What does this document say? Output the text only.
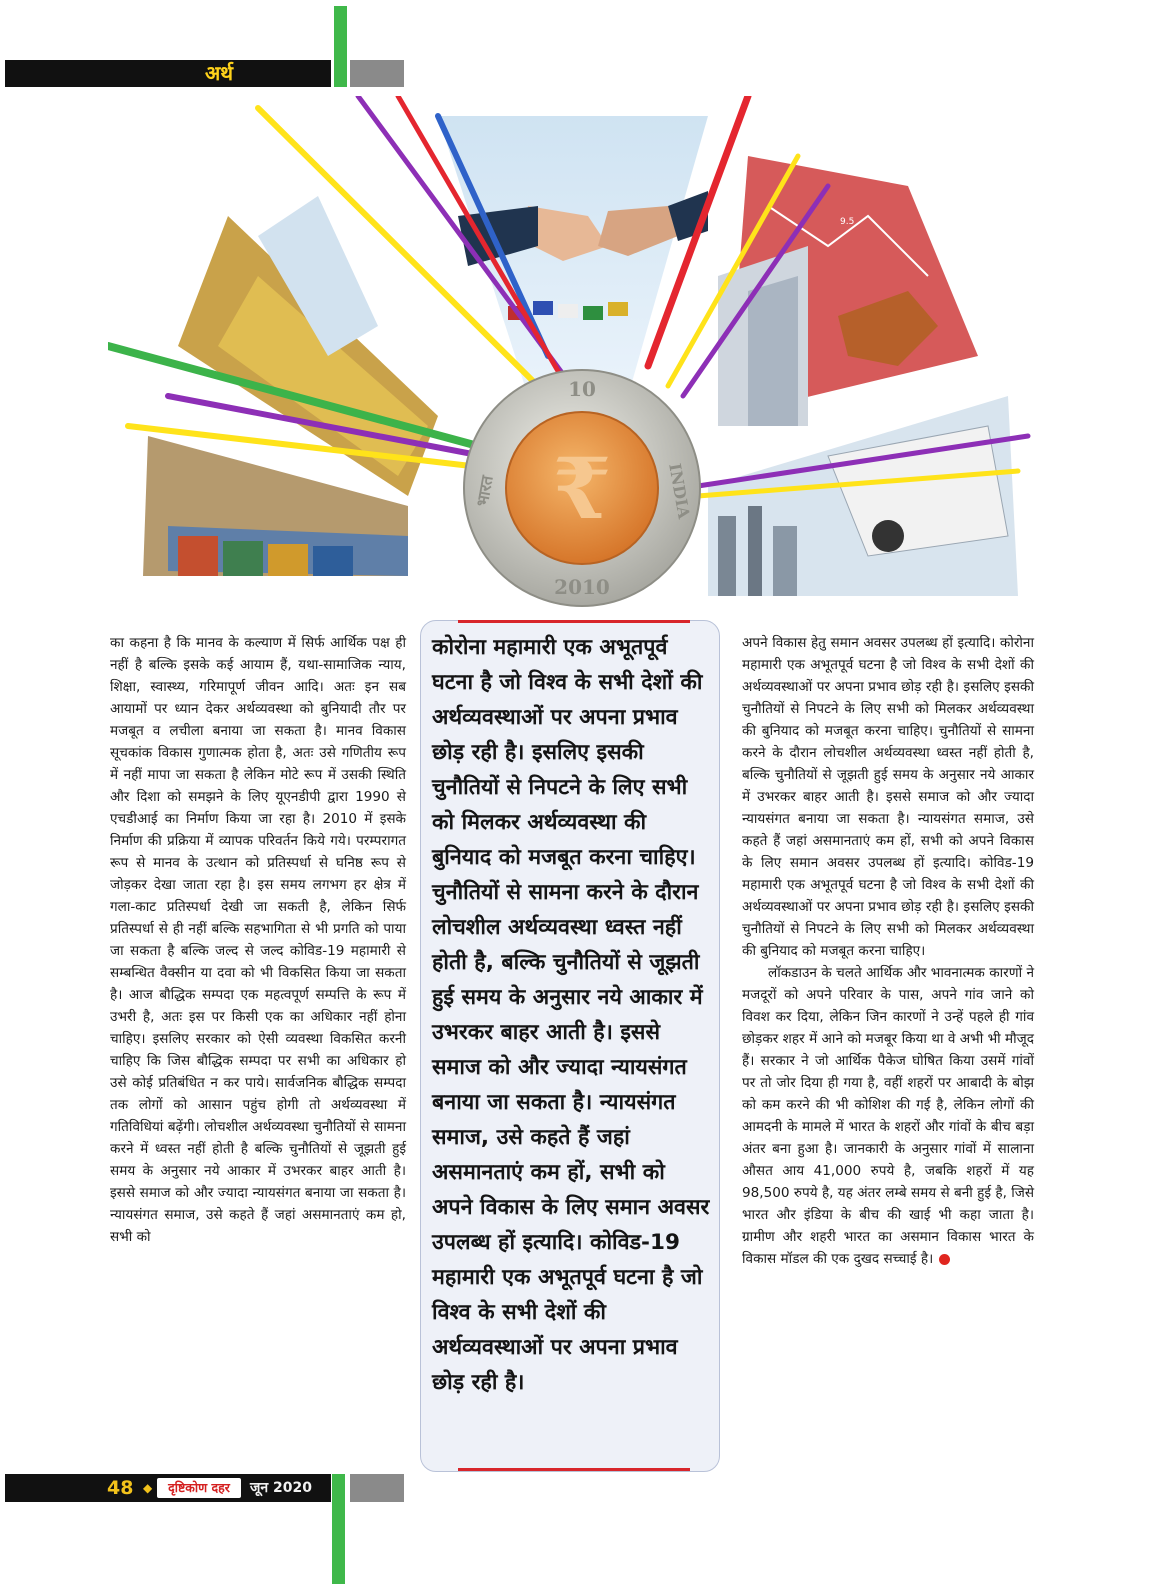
अर्थ
8.5
9.5
₹
10
2010
भारत	INDIA

का कहना है कि मानव के कल्याण में सिर्फ आर्थिक पक्ष ही नहीं है बल्कि इसके कई आयाम हैं, यथा-सामाजिक न्याय, शिक्षा, स्वास्थ्य, गरिमापूर्ण जीवन आदि। अतः इन सब आयामों पर ध्यान देकर अर्थव्यवस्था को बुनियादी तौर पर मजबूत व लचीला बनाया जा सकता है। मानव विकास सूचकांक विकास गुणात्मक होता है, अतः उसे गणितीय रूप में नहीं मापा जा सकता है लेकिन मोटे रूप में उसकी स्थिति और दिशा को समझने के लिए यूएनडीपी द्वारा 1990 से एचडीआई का निर्माण किया जा रहा है। 2010 में इसके निर्माण की प्रक्रिया में व्यापक परिवर्तन किये गये। परम्परागत रूप से मानव के उत्थान को प्रतिस्पर्धा से घनिष्ठ रूप से जोड़कर देखा जाता रहा है। इस समय लगभग हर क्षेत्र में गला-काट प्रतिस्पर्धा देखी जा सकती है, लेकिन सिर्फ प्रतिस्पर्धा से ही नहीं बल्कि सहभागिता से भी प्रगति को पाया जा सकता है बल्कि जल्द से जल्द कोविड-19 महामारी से सम्बन्धित वैक्सीन या दवा को भी विकसित किया जा सकता है। आज बौद्धिक सम्पदा एक महत्वपूर्ण सम्पत्ति के रूप में उभरी है, अतः इस पर किसी एक का अधिकार नहीं होना चाहिए। इसलिए सरकार को ऐसी व्यवस्था विकसित करनी चाहिए कि जिस बौद्धिक सम्पदा पर सभी का अधिकार हो उसे कोई प्रतिबंधित न कर पाये। सार्वजनिक बौद्धिक सम्पदा तक लोगों को आसान पहुंच होगी तो अर्थव्यवस्था में गतिविधियां बढ़ेंगी। लोचशील अर्थव्यवस्था चुनौतियों से सामना करने में ध्वस्त नहीं होती है बल्कि चुनौतियों से जूझती हुई समय के अनुसार नये आकार में उभरकर बाहर आती है। इससे समाज को और ज्यादा न्यायसंगत बनाया जा सकता है। न्यायसंगत समाज, उसे कहते हैं जहां असमानताएं कम हो, सभी को

कोरोना महामारी एक अभूतपूर्व घटना है जो विश्व के सभी देशों की अर्थव्यवस्थाओं पर अपना प्रभाव छोड़ रही है। इसलिए इसकी चुनौतियों से निपटने के लिए सभी को मिलकर अर्थव्यवस्था की बुनियाद को मजबूत करना चाहिए। चुनौतियों से सामना करने के दौरान लोचशील अर्थव्यवस्था ध्वस्त नहीं होती है, बल्कि चुनौतियों से जूझती हुई समय के अनुसार नये आकार में उभरकर बाहर आती है। इससे समाज को और ज्यादा न्यायसंगत बनाया जा सकता है। न्यायसंगत समाज, उसे कहते हैं जहां असमानताएं कम हों, सभी को अपने विकास के लिए समान अवसर उपलब्ध हों इत्यादि। कोविड-19 महामारी एक अभूतपूर्व घटना है जो विश्व के सभी देशों की अर्थव्यवस्थाओं पर अपना प्रभाव छोड़ रही है।

अपने विकास हेतु समान अवसर उपलब्ध हों इत्यादि। कोरोना महामारी एक अभूतपूर्व घटना है जो विश्व के सभी देशों की अर्थव्यवस्थाओं पर अपना प्रभाव छोड़ रही है। इसलिए इसकी चुनौतियों से निपटने के लिए सभी को मिलकर अर्थव्यवस्था की बुनियाद को मजबूत करना चाहिए। चुनौतियों से सामना करने के दौरान लोचशील अर्थव्यवस्था ध्वस्त नहीं होती है, बल्कि चुनौतियों से जूझती हुई समय के अनुसार नये आकार में उभरकर बाहर आती है। इससे समाज को और ज्यादा न्यायसंगत बनाया जा सकता है। न्यायसंगत समाज, उसे कहते हैं जहां असमानताएं कम हों, सभी को अपने विकास के लिए समान अवसर उपलब्ध हों इत्यादि। कोविड-19 महामारी एक अभूतपूर्व घटना है जो विश्व के सभी देशों की अर्थव्यवस्थाओं पर अपना प्रभाव छोड़ रही है। इसलिए इसकी चुनौतियों से निपटने के लिए सभी को मिलकर अर्थव्यवस्था की बुनियाद को मजबूत करना चाहिए।

लॉकडाउन के चलते आर्थिक और भावनात्मक कारणों ने मजदूरों को अपने परिवार के पास, अपने गांव जाने को विवश कर दिया, लेकिन जिन कारणों ने उन्हें पहले ही गांव छोड़कर शहर में आने को मजबूर किया था वे अभी भी मौजूद हैं। सरकार ने जो आर्थिक पैकेज घोषित किया उसमें गांवों पर तो जोर दिया ही गया है, वहीं शहरों पर आबादी के बोझ को कम करने की भी कोशिश की गई है, लेकिन लोगों की आमदनी के मामले में भारत के शहरों और गांवों के बीच बड़ा अंतर बना हुआ है। जानकारी के अनुसार गांवों में सालाना औसत आय 41,000 रुपये है, जबकि शहरों में यह 98,500 रुपये है, यह अंतर लम्बे समय से बनी हुई है, जिसे भारत और इंडिया के बीच की खाई भी कहा जाता है। ग्रामीण और शहरी भारत का असमान विकास भारत के विकास मॉडल की एक दुखद सच्चाई है।

48 ◆	दृष्टिकोण दहर	जून 2020
